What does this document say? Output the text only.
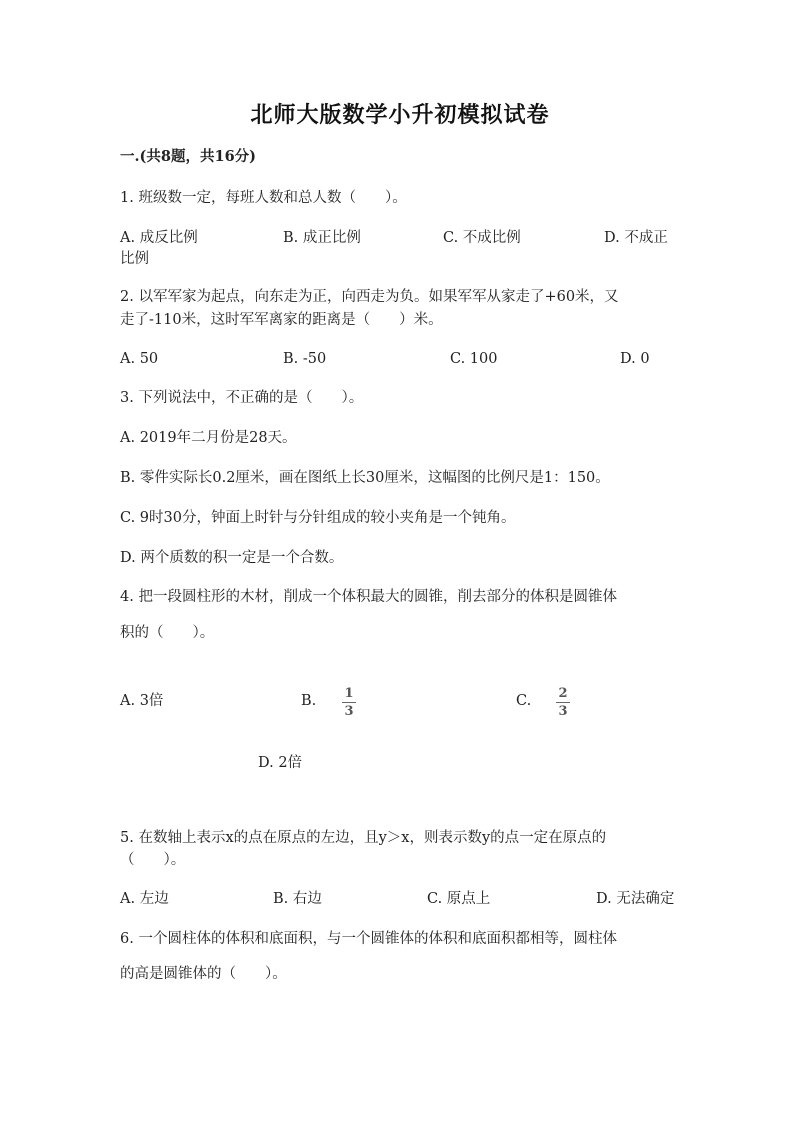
北师大版数学小升初模拟试卷
一.(共8题，共16分)
1. 班级数一定，每班人数和总人数（　　）。
A. 成反比例	B. 成正比例	C. 不成比例	D. 不成正
比例
2. 以军军家为起点，向东走为正，向西走为负。如果军军从家走了+60米，又
走了-110米，这时军军离家的距离是（　　）米。
A. 50	B. -50	C. 100	D. 0
3. 下列说法中，不正确的是（　　）。
A. 2019年二月份是28天。
B. 零件实际长0.2厘米，画在图纸上长30厘米，这幅图的比例尺是1：150。
C. 9时30分，钟面上时针与分针组成的较小夹角是一个钝角。
D. 两个质数的积一定是一个合数。
4. 把一段圆柱形的木材，削成一个体积最大的圆锥，削去部分的体积是圆锥体
积的（　　）。
A. 3倍	B. 1
3
C. 2
3
D. 2倍
5. 在数轴上表示x的点在原点的左边，且y＞x，则表示数y的点一定在原点的
（　　）。
A. 左边	B. 右边	C. 原点上	D. 无法确定
6. 一个圆柱体的体积和底面积，与一个圆锥体的体积和底面积都相等，圆柱体
的高是圆锥体的（　　）。
